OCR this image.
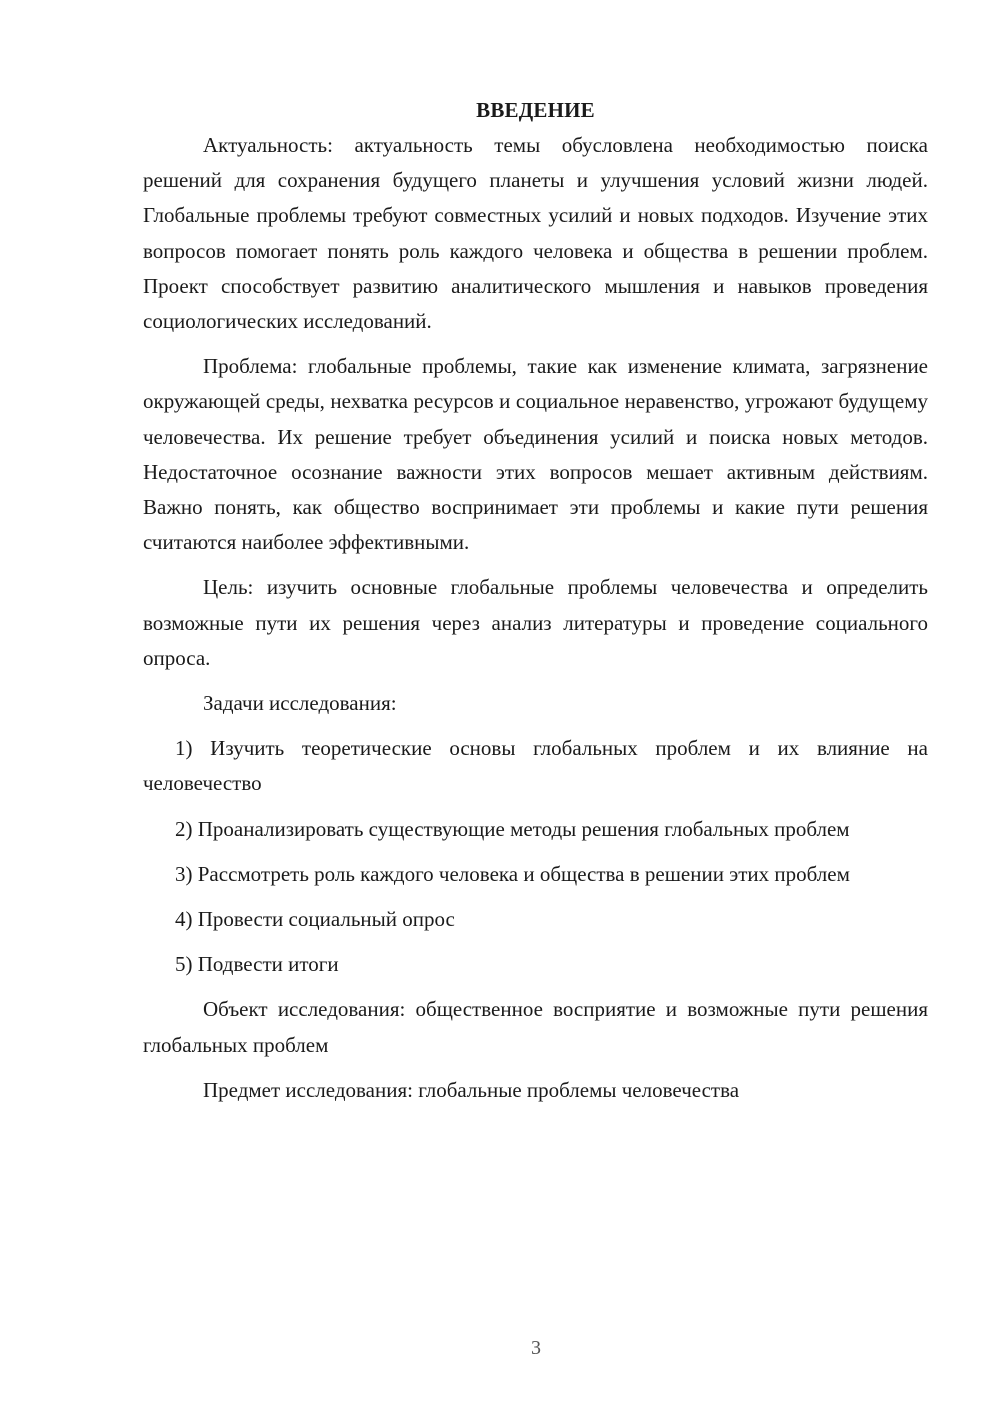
ВВЕДЕНИЕ

Актуальность: актуальность темы обусловлена необходимостью поиска решений для сохранения будущего планеты и улучшения условий жизни людей. Глобальные проблемы требуют совместных усилий и новых подходов. Изучение этих вопросов помогает понять роль каждого человека и общества в решении проблем. Проект способствует развитию аналитического мышления и навыков проведения социологических исследований.

Проблема: глобальные проблемы, такие как изменение климата, загрязнение окружающей среды, нехватка ресурсов и социальное неравенство, угрожают будущему человечества. Их решение требует объединения усилий и поиска новых методов. Недостаточное осознание важности этих вопросов мешает активным действиям. Важно понять, как общество воспринимает эти проблемы и какие пути решения считаются наиболее эффективными.

Цель: изучить основные глобальные проблемы человечества и определить возможные пути их решения через анализ литературы и проведение социального опроса.

Задачи исследования:

1) Изучить теоретические основы глобальных проблем и их влияние на человечество

2) Проанализировать существующие методы решения глобальных проблем

3) Рассмотреть роль каждого человека и общества в решении этих проблем

4) Провести социальный опрос

5) Подвести итоги

Объект исследования: общественное восприятие и возможные пути решения глобальных проблем

Предмет исследования: глобальные проблемы человечества

3
